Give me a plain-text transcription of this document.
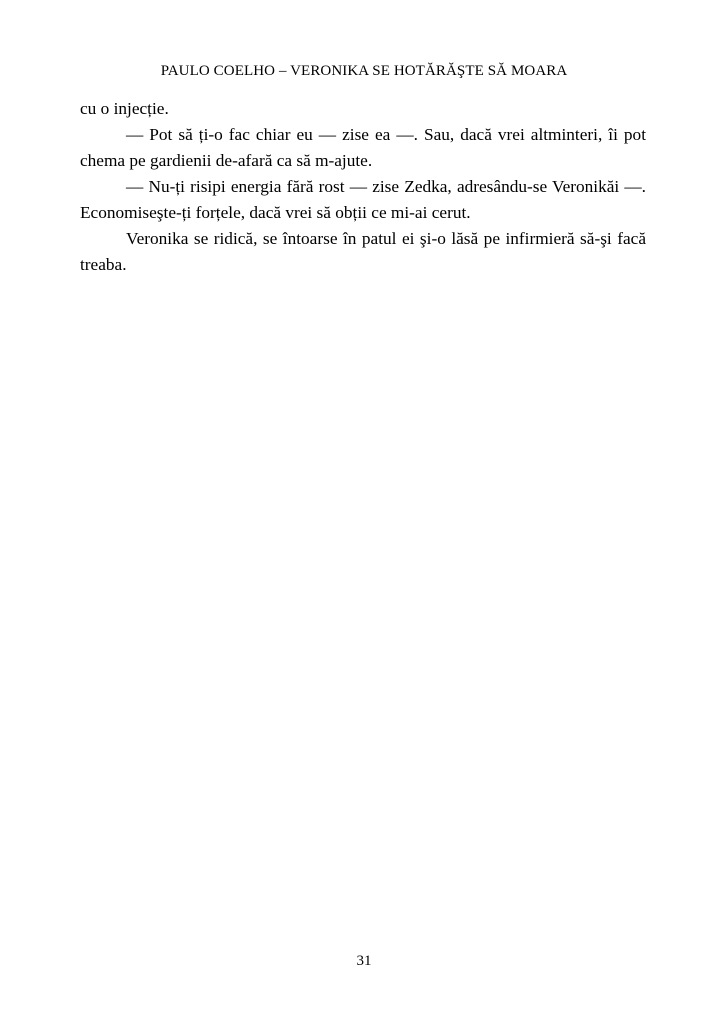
PAULO COELHO – VERONIKA SE HOTĂRĂŞTE SĂ MOARA

cu o injecție.

— Pot să ți-o fac chiar eu — zise ea —. Sau, dacă vrei altminteri, îi pot chema pe gardienii de-afară ca să m-ajute.

— Nu-ți risipi energia fără rost — zise Zedka, adresându-se Veronikăi —. Economiseşte-ți forțele, dacă vrei să obții ce mi-ai cerut.

Veronika se ridică, se întoarse în patul ei şi-o lăsă pe infirmieră să-şi facă treaba.

31
